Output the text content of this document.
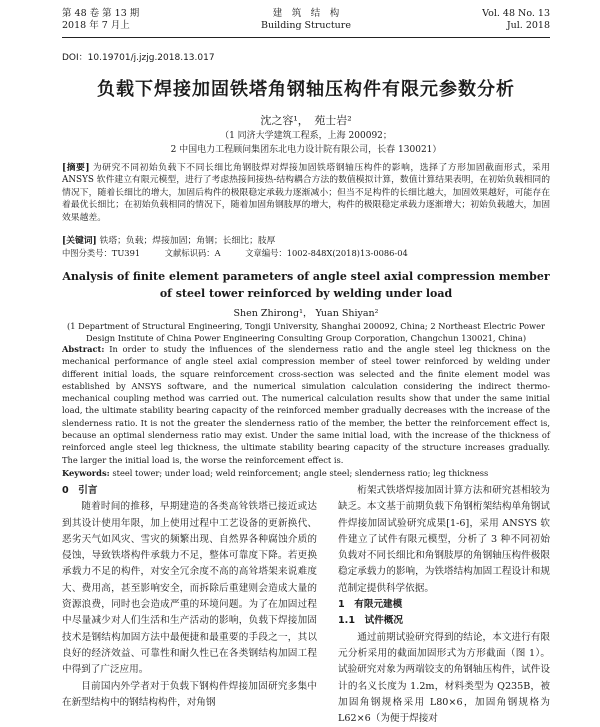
第 48 卷 第 13 期
2018 年 7 月上
建　筑　结　构
Building Structure
Vol. 48 No. 13
Jul. 2018
DOI：10.19701/j.jzjg.2018.13.017
负载下焊接加固铁塔角钢轴压构件有限元参数分析
沈之容¹，　苑士岩²
（1 同济大学建筑工程系，上海 200092；
2 中国电力工程顾问集团东北电力设计院有限公司，长春 130021）
[摘要] 为研究不同初始负载下不同长细比角钢肢焊对焊接加固铁塔钢轴压构件的影响，选择了方形加固截面形式，采用 ANSYS 软件建立有限元模型，进行了考虑热接间接热-结构耦合方法的数值模拟计算，数值计算结果表明，在初始负载相同的情况下，随着长细比的增大，加固后构件的极限稳定承载力逐渐减小；但当不足构件的长细比越大，加固效果越好，可能存在着最优长细比；在初始负载相同的情况下，随着加固角钢肢厚的增大，构件的极限稳定承载力逐渐增大；初始负载越大，加固效果越差。
[关键词] 铁塔；负载；焊接加固；角钢；长细比；肢厚
中图分类号：TU391	文献标识码：A	文章编号：1002-848X(2018)13-0086-04
Analysis of finite element parameters of angle steel axial compression member of steel tower reinforced by welding under load
Shen Zhirong¹， Yuan Shiyan²
(1 Department of Structural Engineering, Tongji University, Shanghai 200092, China; 2 Northeast Electric Power Design Institute of China Power Engineering Consulting Group Corporation, Changchun 130021, China)
Abstract: In order to study the influences of the slenderness ratio and the angle steel leg thickness on the mechanical performance of angle steel axial compression member of steel tower reinforced by welding under different initial loads, the square reinforcement cross-section was selected and the finite element model was established by ANSYS software, and the numerical simulation calculation considering the indirect thermo-mechanical coupling method was carried out. The numerical calculation results show that under the same initial load, the ultimate stability bearing capacity of the reinforced member gradually decreases with the increase of the slenderness ratio. It is not the greater the slenderness ratio of the member, the better the reinforcement effect is, because an optimal slenderness ratio may exist. Under the same initial load, with the increase of the thickness of reinforced angle steel leg thickness, the ultimate stability bearing capacity of the structure increases gradually. The larger the initial load is, the worse the reinforcement effect is.
Keywords: steel tower; under load; weld reinforcement; angle steel; slenderness ratio; leg thickness
0　引言

随着时间的推移，早期建造的各类高耸铁塔已接近或达到其设计使用年限，加上使用过程中工艺设备的更新换代、恶劣天气如风灾、雪灾的频繁出现、自然界各种腐蚀介质的侵蚀，导致铁塔构件承载力不足，整体可靠度下降。若更换承载力不足的构件，对安全冗余度不高的高耸塔架来说难度大、费用高，甚至影响安全，而拆除后重建则会造成大量的资源浪费，同时也会造成严重的环境问题。为了在加固过程中尽量减少对人们生活和生产活动的影响，负载下焊接加固技术是钢结构加固方法中最便捷和最重要的手段之一，其以良好的经济效益、可靠性和耐久性已在各类钢结构加固工程中得到了广泛应用。

目前国内外学者对于负载下钢构件焊接加固研究多集中在新型结构中的钢结构构件，对角钢

桁架式铁塔焊接加固计算方法和研究甚相较为缺乏。本文基于前期负载下角钢桁架结构单角钢试件焊接加固试验研究成果[1-6]，采用 ANSYS 软件建立了试件有限元模型，分析了 3 种不同初始负载对不同长细比和角钢肢厚的角钢轴压构件极限稳定承载力的影响，为铁塔结构加固工程设计和规范制定提供科学依据。

1　有限元建模
1.1　试件概况

通过前期试验研究得到的结论，本文进行有限元分析采用的截面加固形式为方形截面（图 1）。试验研究对象为两端铰支的角钢轴压构件，试件设计的名义长度为 1.2m，材料类型为 Q235B，被加固角钢规格采用 L80×6，加固角钢规格为 L62×6（为便于焊接对
